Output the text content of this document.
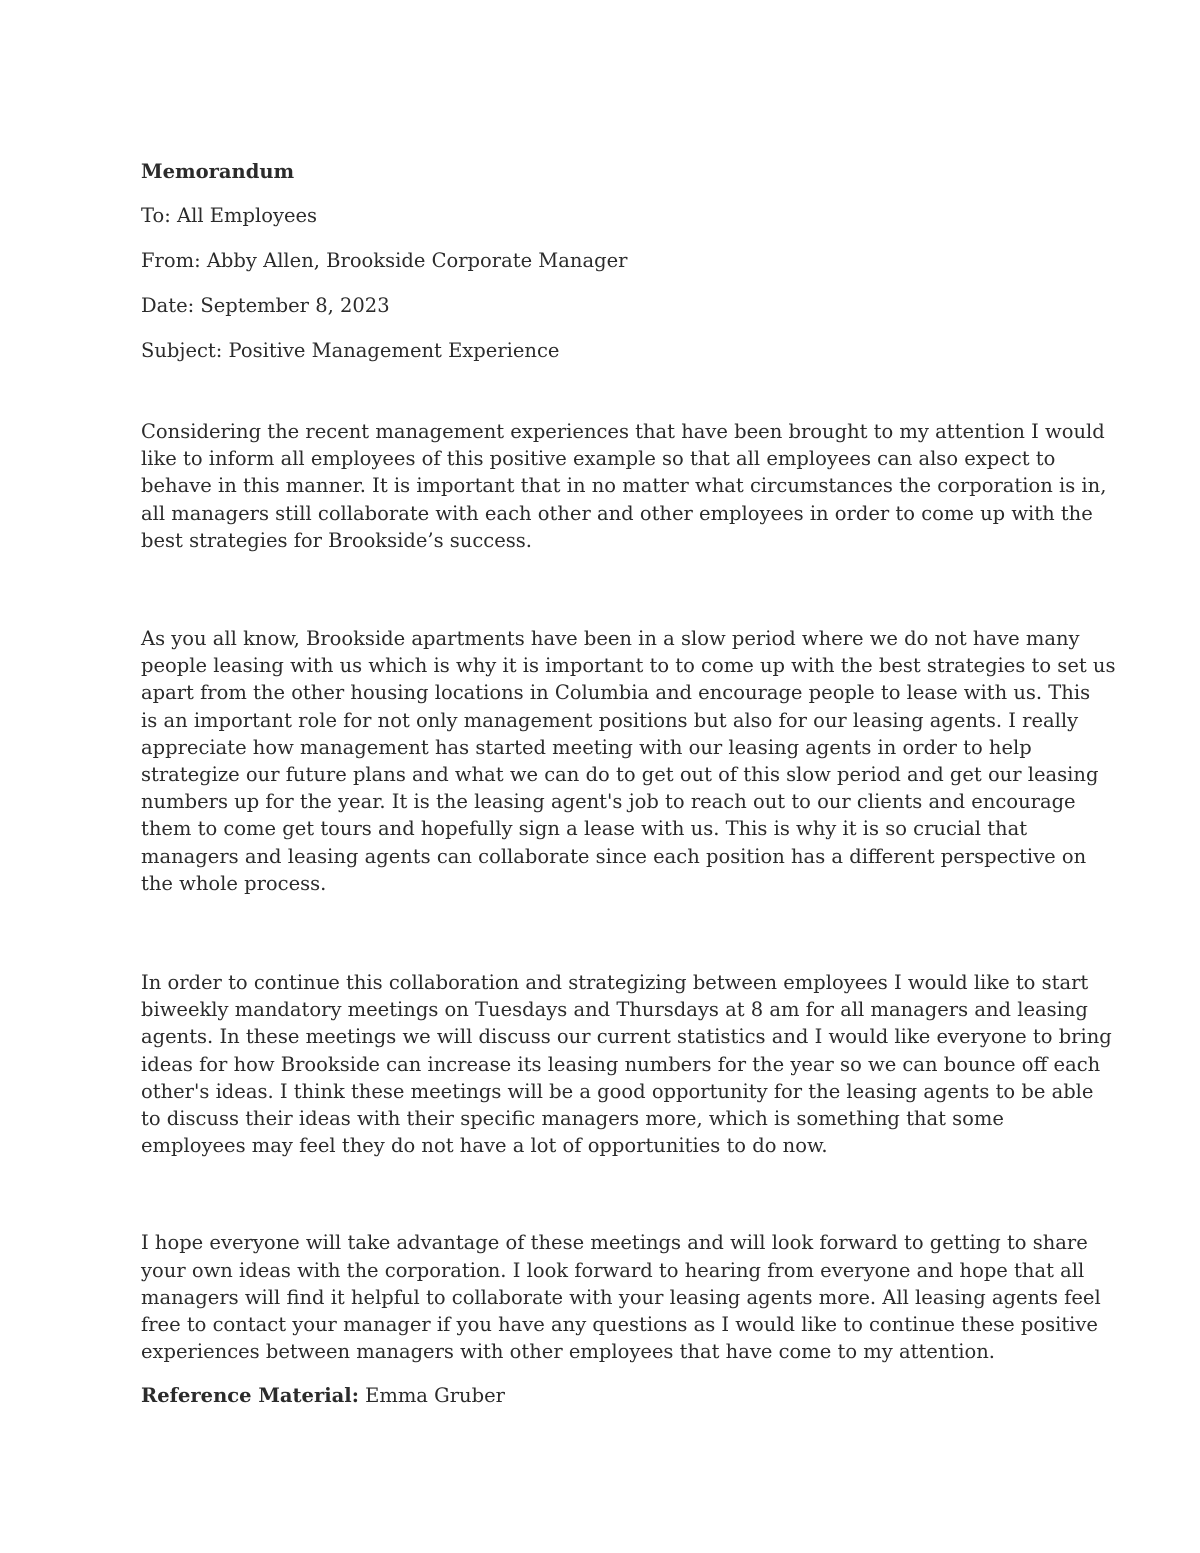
Memorandum

To: All Employees

From: Abby Allen, Brookside Corporate Manager

Date: September 8, 2023

Subject: Positive Management Experience

Considering the recent management experiences that have been brought to my attention I would
like to inform all employees of this positive example so that all employees can also expect to
behave in this manner. It is important that in no matter what circumstances the corporation is in,
all managers still collaborate with each other and other employees in order to come up with the
best strategies for Brookside’s success.

As you all know, Brookside apartments have been in a slow period where we do not have many
people leasing with us which is why it is important to to come up with the best strategies to set us
apart from the other housing locations in Columbia and encourage people to lease with us. This
is an important role for not only management positions but also for our leasing agents. I really
appreciate how management has started meeting with our leasing agents in order to help
strategize our future plans and what we can do to get out of this slow period and get our leasing
numbers up for the year. It is the leasing agent's job to reach out to our clients and encourage
them to come get tours and hopefully sign a lease with us. This is why it is so crucial that
managers and leasing agents can collaborate since each position has a different perspective on
the whole process.

In order to continue this collaboration and strategizing between employees I would like to start
biweekly mandatory meetings on Tuesdays and Thursdays at 8 am for all managers and leasing
agents. In these meetings we will discuss our current statistics and I would like everyone to bring
ideas for how Brookside can increase its leasing numbers for the year so we can bounce off each
other's ideas. I think these meetings will be a good opportunity for the leasing agents to be able
to discuss their ideas with their specific managers more, which is something that some
employees may feel they do not have a lot of opportunities to do now.

I hope everyone will take advantage of these meetings and will look forward to getting to share
your own ideas with the corporation. I look forward to hearing from everyone and hope that all
managers will find it helpful to collaborate with your leasing agents more. All leasing agents feel
free to contact your manager if you have any questions as I would like to continue these positive
experiences between managers with other employees that have come to my attention.

Reference Material: Emma Gruber
